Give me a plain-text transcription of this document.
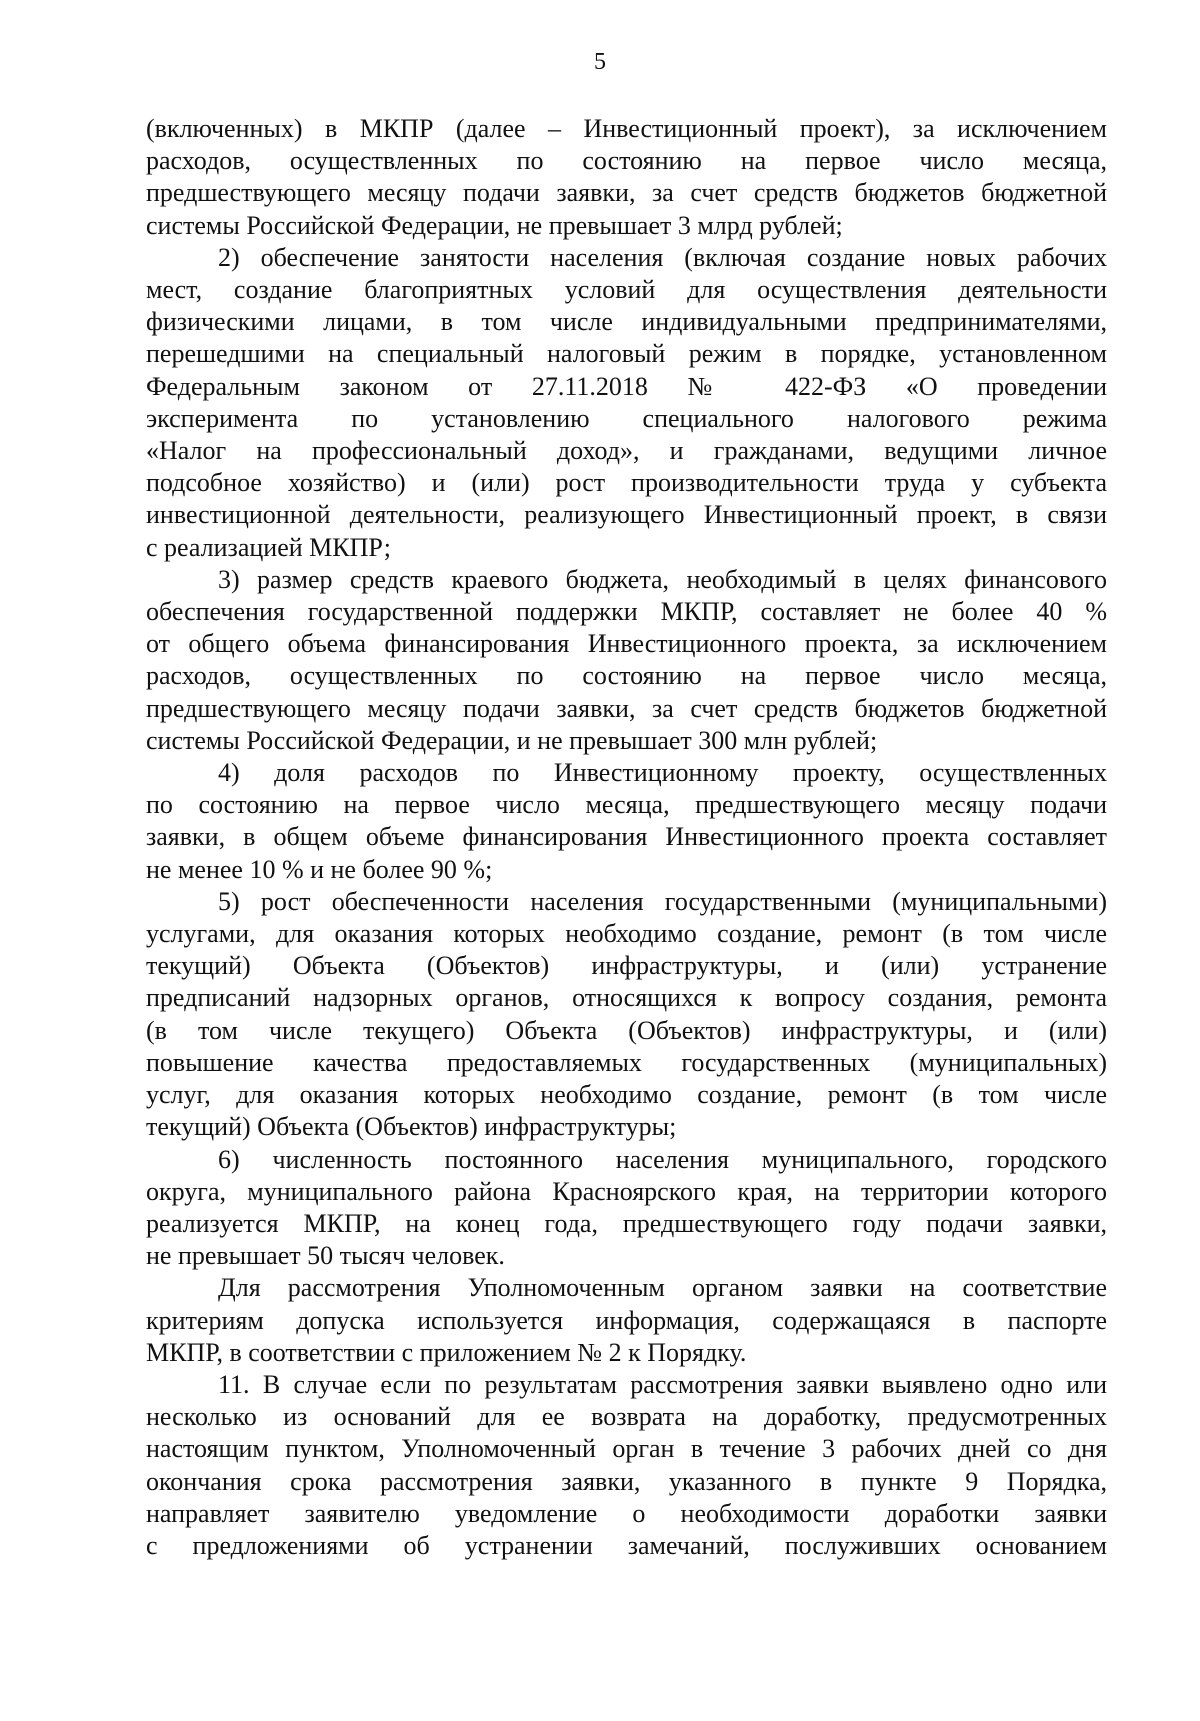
5

(включенных) в МКПР (далее – Инвестиционный проект), за исключением
расходов, осуществленных по состоянию на первое число месяца,
предшествующего месяцу подачи заявки, за счет средств бюджетов бюджетной
системы Российской Федерации, не превышает 3 млрд рублей;

2) обеспечение занятости населения (включая создание новых рабочих
мест, создание благоприятных условий для осуществления деятельности
физическими лицами, в том числе индивидуальными предпринимателями,
перешедшими на специальный налоговый режим в порядке, установленном
Федеральным законом от 27.11.2018 № 422-ФЗ «О проведении
эксперимента по установлению специального налогового режима
«Налог на профессиональный доход», и гражданами, ведущими личное
подсобное хозяйство) и (или) рост производительности труда у субъекта
инвестиционной деятельности, реализующего Инвестиционный проект, в связи
с реализацией МКПР;

3) размер средств краевого бюджета, необходимый в целях финансового
обеспечения государственной поддержки МКПР, составляет не более 40 %
от общего объема финансирования Инвестиционного проекта, за исключением
расходов, осуществленных по состоянию на первое число месяца,
предшествующего месяцу подачи заявки, за счет средств бюджетов бюджетной
системы Российской Федерации, и не превышает 300 млн рублей;

4) доля расходов по Инвестиционному проекту, осуществленных
по состоянию на первое число месяца, предшествующего месяцу подачи
заявки, в общем объеме финансирования Инвестиционного проекта составляет
не менее 10 % и не более 90 %;

5) рост обеспеченности населения государственными (муниципальными)
услугами, для оказания которых необходимо создание, ремонт (в том числе
текущий) Объекта (Объектов) инфраструктуры, и (или) устранение
предписаний надзорных органов, относящихся к вопросу создания, ремонта
(в том числе текущего) Объекта (Объектов) инфраструктуры, и (или)
повышение качества предоставляемых государственных (муниципальных)
услуг, для оказания которых необходимо создание, ремонт (в том числе
текущий) Объекта (Объектов) инфраструктуры;

6) численность постоянного населения муниципального, городского
округа, муниципального района Красноярского края, на территории которого
реализуется МКПР, на конец года, предшествующего году подачи заявки,
не превышает 50 тысяч человек.

Для рассмотрения Уполномоченным органом заявки на соответствие
критериям допуска используется информация, содержащаяся в паспорте
МКПР, в соответствии с приложением № 2 к Порядку.

11. В случае если по результатам рассмотрения заявки выявлено одно или
несколько из оснований для ее возврата на доработку, предусмотренных
настоящим пунктом, Уполномоченный орган в течение 3 рабочих дней со дня
окончания срока рассмотрения заявки, указанного в пункте 9 Порядка,
направляет заявителю уведомление о необходимости доработки заявки
с предложениями об устранении замечаний, послуживших основанием
